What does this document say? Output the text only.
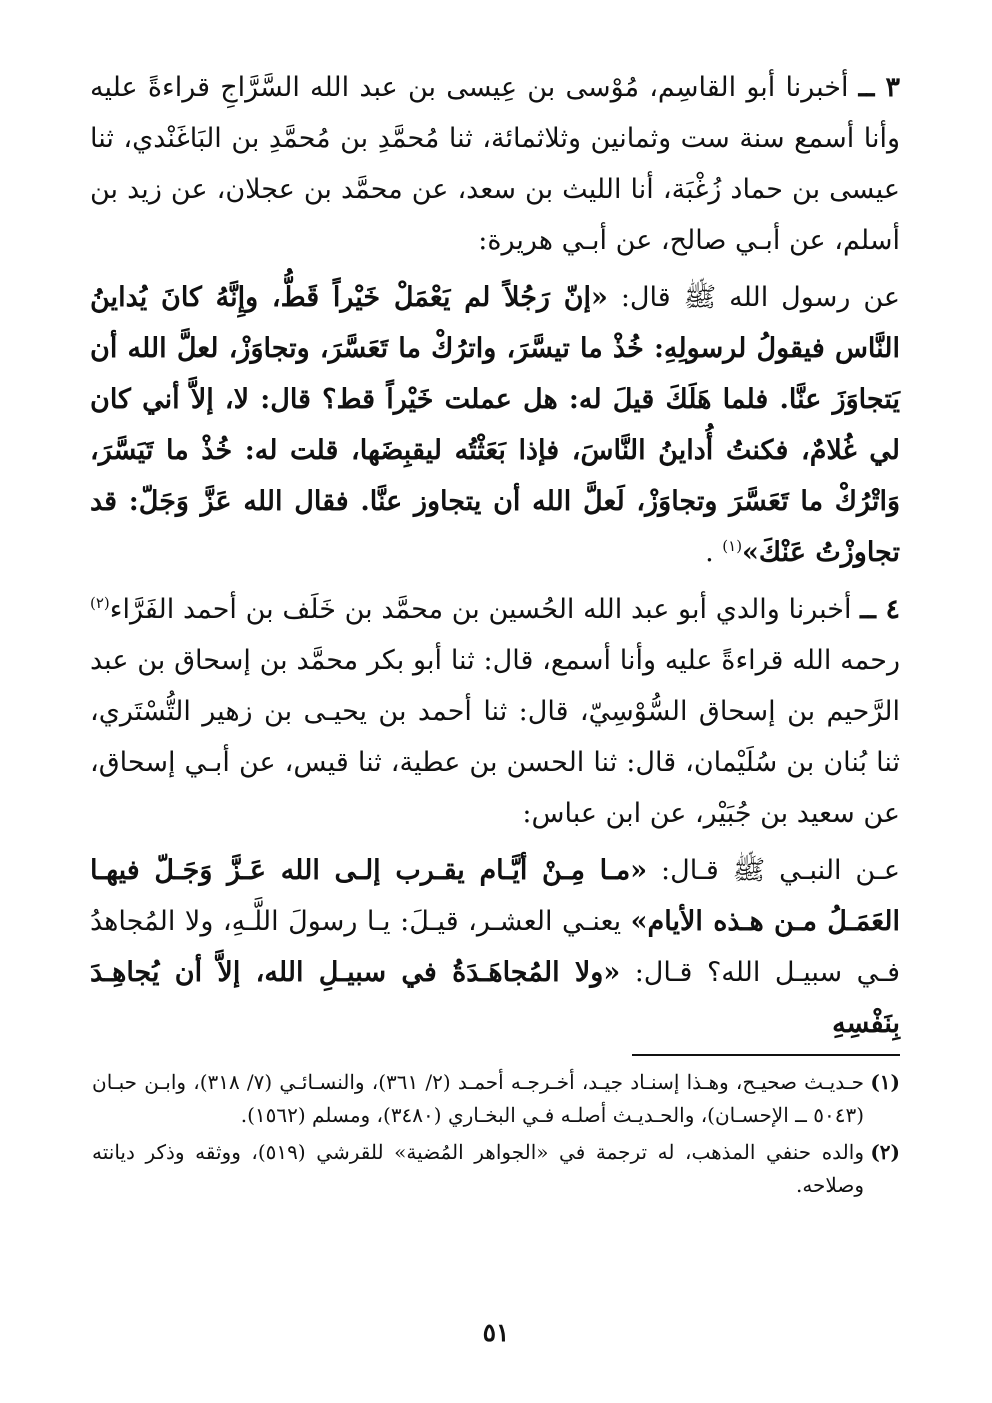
٣ ــ أخبرنا أبو القاسِم، مُوْسى بن عِيسى بن عبد الله السَّرَّاجِ قراءةً عليه وأنا أسمع سنة ست وثمانين وثلاثمائة، ثنا مُحمَّدِ بن مُحمَّدِ بن البَاغَنْدي، ثنا عيسى بن حماد زُغْبَة، أنا الليث بن سعد، عن محمَّد بن عجلان، عن زيد بن أسلم، عن أبـي صالح، عن أبـي هريرة:

عن رسول الله ﷺ قال: «إنّ رَجُلاً لم يَعْمَلْ خَيْراً قَطُّ، وإِنَّهُ كانَ يُداينُ النَّاس فيقولُ لرسولِهِ: خُذْ ما تيسَّرَ، واترُكْ ما تَعَسَّرَ، وتجاوَزْ، لعلَّ الله أن يَتجاوَزَ عنَّا. فلما هَلَكَ قيلَ له: هل عملت خَيْراً قط؟ قال: لا، إلاَّ أني كان لي غُلامٌ، فكنتُ أُداينُ النَّاسَ، فإذا بَعَثْتُه ليقبِضَها، قلت له: خُذْ ما تَيَسَّرَ، وَاتْرُكْ ما تَعَسَّرَ وتجاوَزْ، لَعلَّ الله أن يتجاوز عنَّا. فقال الله عَزَّ وَجَلّ: قد تجاوزْتُ عَنْكَ»$^{(١)}$ .

٤ ــ أخبرنا والدي أبو عبد الله الحُسين بن محمَّد بن خَلَف بن أحمد الفَرَّاء$^{(٢)}$ رحمه الله قراءةً عليه وأنا أسمع، قال: ثنا أبو بكر محمَّد بن إسحاق بن عبد الرَّحيم بن إسحاق السُّوْسِيّ، قال: ثنا أحمد بن يحيـى بن زهير التُّسْتَري، ثنا بُنان بن سُلَيْمان، قال: ثنا الحسن بن عطية، ثنا قيس، عن أبـي إسحاق، عن سعيد بن جُبَيْر، عن ابن عباس:

عـن النبـي ﷺ قـال: «مـا مِـنْ أيَّـام يقـرب إلـى الله عَـزَّ وَجَـلّ فيهـا العَمَـلُ مـن هـذه الأيام» يعنـي العشـر، قيـلَ: يـا رسولَ اللَّـهِ، ولا المُجاهدُ فـي سبيـل الله؟ قـال: «ولا المُجاهَـدَةُ في سبيـلِ الله، إلاَّ أن يُجاهِـدَ بِنَفْسِهِ

(١)
حـديـث صحيـح، وهـذا إسنـاد جيـد، أخـرجـه أحمـد (٢/ ٣٦١)، والنسـائـي (٧/ ٣١٨)، وابـن حبـان (٥٠٤٣ ــ الإحسـان)، والحـديـث أصلـه فـي البخـاري (٣٤٨٠)، ومسلم (١٥٦٢).
(٢)
والده حنفي المذهب، له ترجمة في «الجواهر المُضية» للقرشي (٥١٩)، ووثقه وذكر ديانته وصلاحه.
٥١
